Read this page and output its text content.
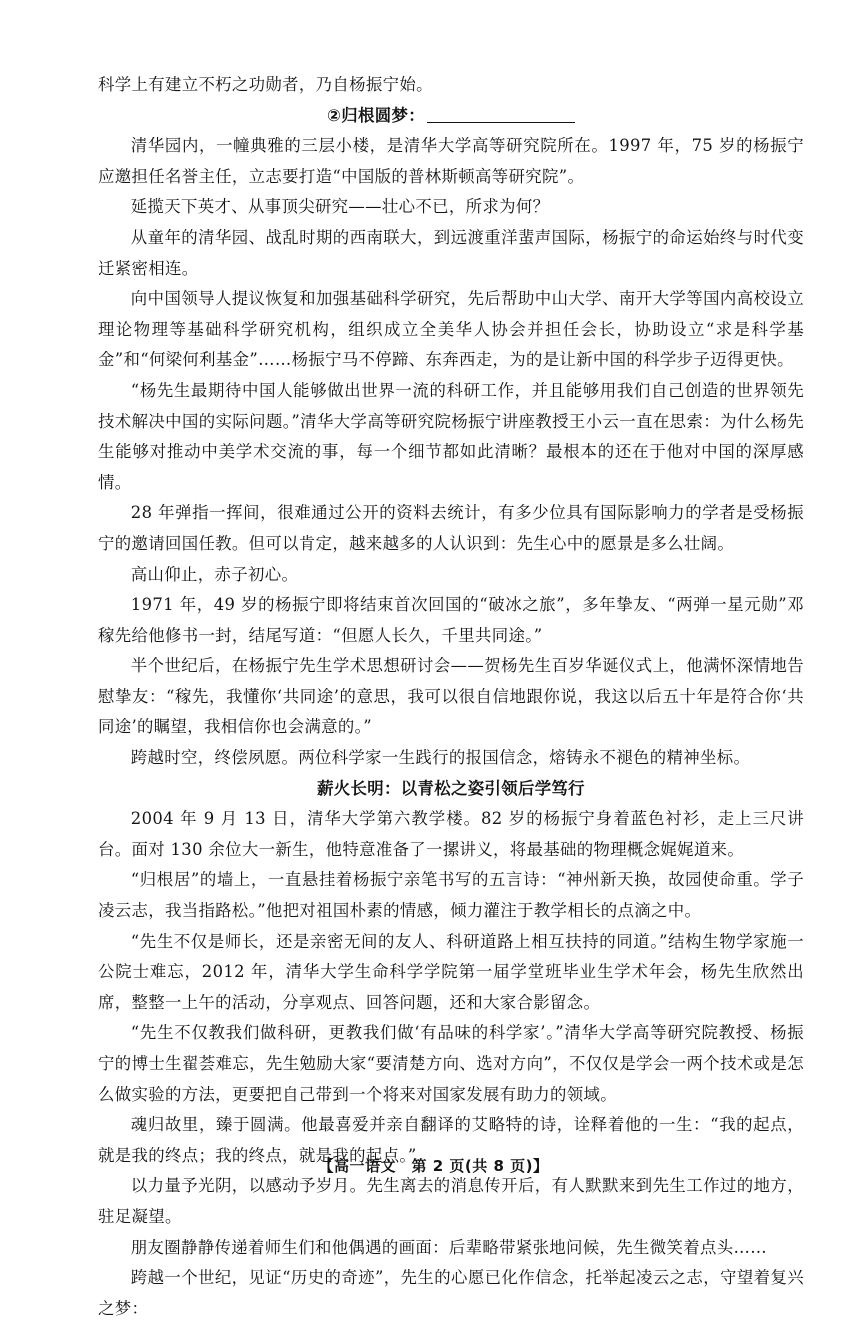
科学上有建立不朽之功勋者，乃自杨振宁始。

②归根圆梦：

清华园内，一幢典雅的三层小楼，是清华大学高等研究院所在。1997 年，75 岁的杨振宁应邀担任名誉主任，立志要打造“中国版的普林斯顿高等研究院”。

延揽天下英才、从事顶尖研究——壮心不已，所求为何？

从童年的清华园、战乱时期的西南联大，到远渡重洋蜚声国际，杨振宁的命运始终与时代变迁紧密相连。

向中国领导人提议恢复和加强基础科学研究，先后帮助中山大学、南开大学等国内高校设立理论物理等基础科学研究机构，组织成立全美华人协会并担任会长，协助设立“求是科学基金”和“何梁何利基金”……杨振宁马不停蹄、东奔西走，为的是让新中国的科学步子迈得更快。

“杨先生最期待中国人能够做出世界一流的科研工作，并且能够用我们自己创造的世界领先技术解决中国的实际问题。”清华大学高等研究院杨振宁讲座教授王小云一直在思索：为什么杨先生能够对推动中美学术交流的事，每一个细节都如此清晰？最根本的还在于他对中国的深厚感情。

28 年弹指一挥间，很难通过公开的资料去统计，有多少位具有国际影响力的学者是受杨振宁的邀请回国任教。但可以肯定，越来越多的人认识到：先生心中的愿景是多么壮阔。

高山仰止，赤子初心。

1971 年，49 岁的杨振宁即将结束首次回国的“破冰之旅”，多年挚友、“两弹一星元勋”邓稼先给他修书一封，结尾写道：“但愿人长久，千里共同途。”

半个世纪后，在杨振宁先生学术思想研讨会——贺杨先生百岁华诞仪式上，他满怀深情地告慰挚友：“稼先，我懂你‘共同途’的意思，我可以很自信地跟你说，我这以后五十年是符合你‘共同途’的瞩望，我相信你也会满意的。”

跨越时空，终偿夙愿。两位科学家一生践行的报国信念，熔铸永不褪色的精神坐标。

薪火长明：以青松之姿引领后学笃行

2004 年 9 月 13 日，清华大学第六教学楼。82 岁的杨振宁身着蓝色衬衫，走上三尺讲台。面对 130 余位大一新生，他特意准备了一摞讲义，将最基础的物理概念娓娓道来。

“归根居”的墙上，一直悬挂着杨振宁亲笔书写的五言诗：“神州新天换，故园使命重。学子凌云志，我当指路松。”他把对祖国朴素的情感，倾力灌注于教学相长的点滴之中。

“先生不仅是师长，还是亲密无间的友人、科研道路上相互扶持的同道。”结构生物学家施一公院士难忘，2012 年，清华大学生命科学学院第一届学堂班毕业生学术年会，杨先生欣然出席，整整一上午的活动，分享观点、回答问题，还和大家合影留念。

“先生不仅教我们做科研，更教我们做‘有品味的科学家’。”清华大学高等研究院教授、杨振宁的博士生翟荟难忘，先生勉励大家“要清楚方向、选对方向”，不仅仅是学会一两个技术或是怎么做实验的方法，更要把自己带到一个将来对国家发展有助力的领域。

魂归故里，臻于圆满。他最喜爱并亲自翻译的艾略特的诗，诠释着他的一生：“我的起点，就是我的终点；我的终点，就是我的起点。”

以力量予光阴，以感动予岁月。先生离去的消息传开后，有人默默来到先生工作过的地方，驻足凝望。

朋友圈静静传递着师生们和他偶遇的画面：后辈略带紧张地问候，先生微笑着点头……

跨越一个世纪，见证“历史的奇迹”，先生的心愿已化作信念，托举起凌云之志，守望着复兴之梦：

【高一语文　第 2 页(共 8 页)】
